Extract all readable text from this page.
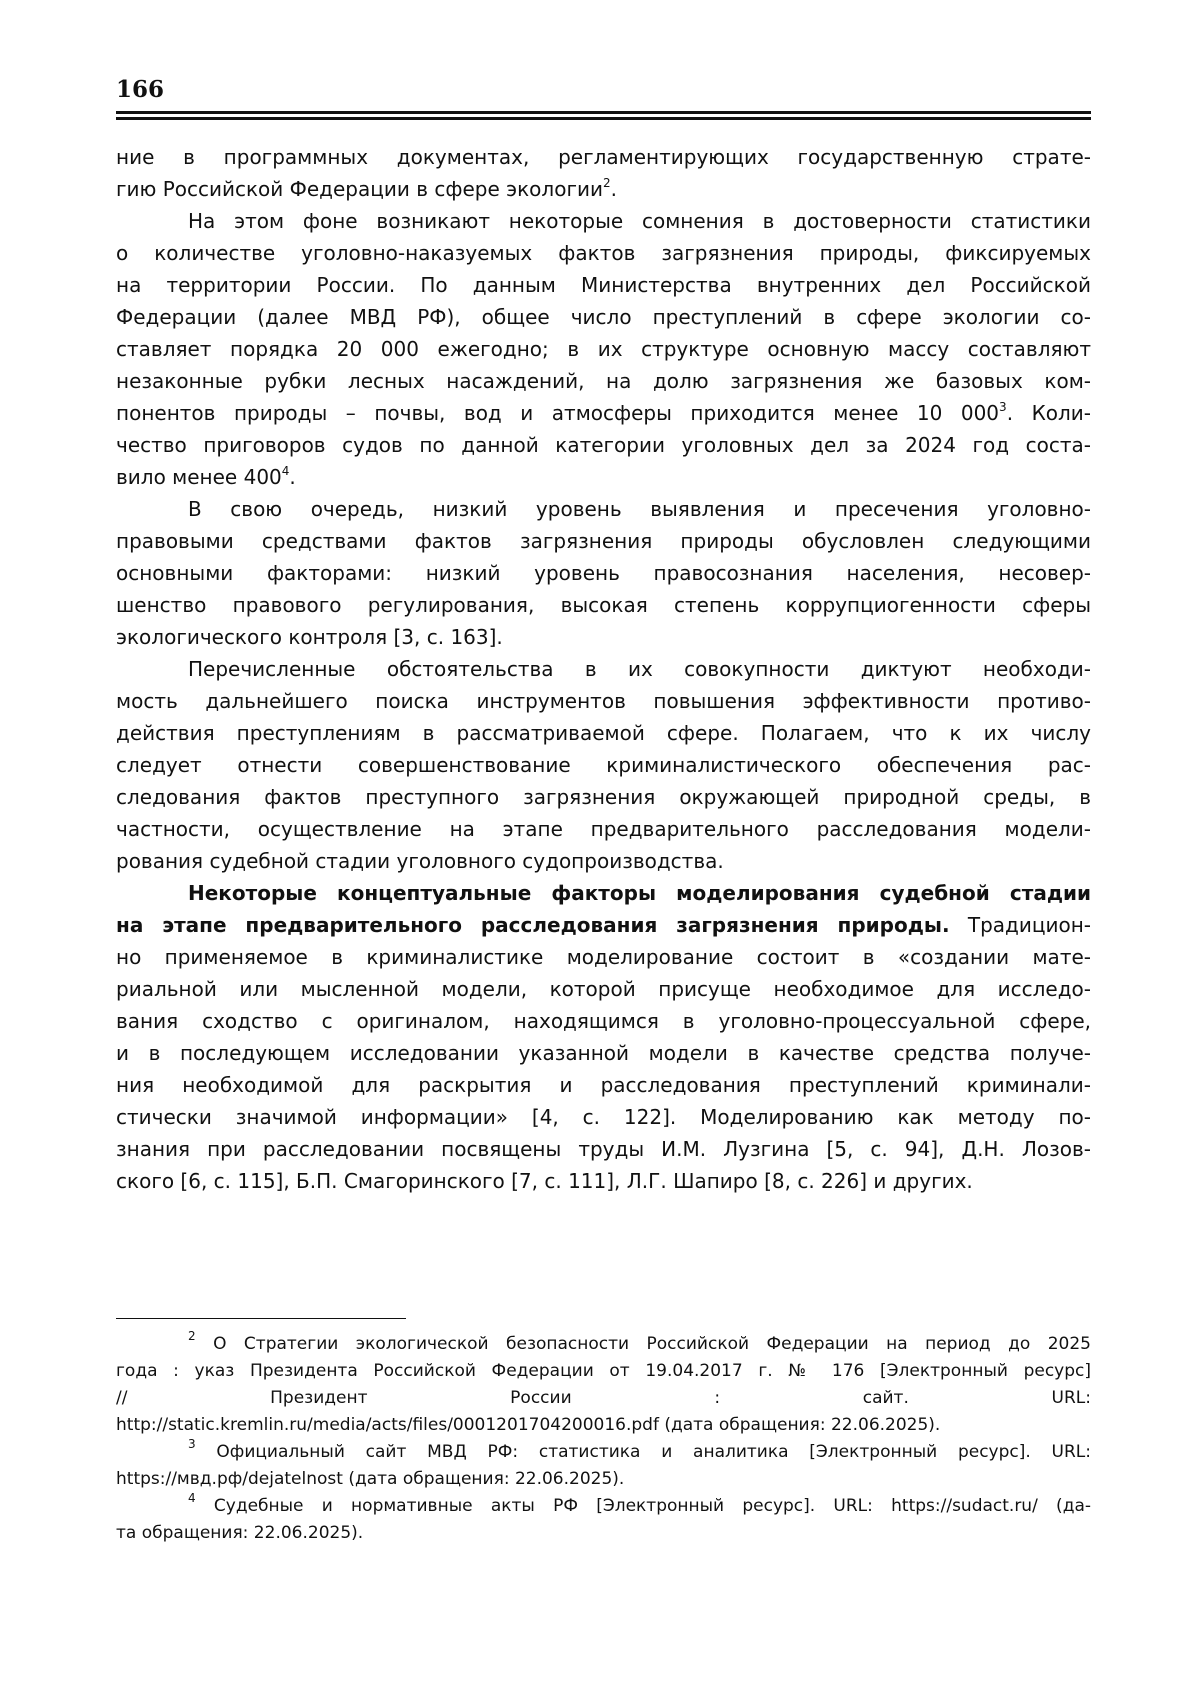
166
ние в программных документах, регламентирующих государственную страте-
гию Российской Федерации в сфере экологии$^2$.
На этом фоне возникают некоторые сомнения в достоверности статистики
о количестве уголовно-наказуемых фактов загрязнения природы, фиксируемых
на территории России. По данным Министерства внутренних дел Российской
Федерации (далее МВД РФ), общее число преступлений в сфере экологии со-
ставляет порядка 20 000 ежегодно; в их структуре основную массу составляют
незаконные рубки лесных насаждений, на долю загрязнения же базовых ком-
понентов природы – почвы, вод и атмосферы приходится менее 10 $000^3$. Коли-
чество приговоров судов по данной категории уголовных дел за 2024 год соста-
вило менее $400^4$.
В свою очередь, низкий уровень выявления и пресечения уголовно-
правовыми средствами фактов загрязнения природы обусловлен следующими
основными факторами: низкий уровень правосознания населения, несовер-
шенство правового регулирования, высокая степень коррупциогенности сферы
экологического контроля [3, с. 163].
Перечисленные обстоятельства в их совокупности диктуют необходи-
мость дальнейшего поиска инструментов повышения эффективности противо-
действия преступлениям в рассматриваемой сфере. Полагаем, что к их числу
следует отнести совершенствование криминалистического обеспечения рас-
следования фактов преступного загрязнения окружающей природной среды, в
частности, осуществление на этапе предварительного расследования модели-
рования судебной стадии уголовного судопроизводства.
Некоторые концептуальные факторы моделирования судебной стадии
на этапе предварительного расследования загрязнения природы. Традицион-
но применяемое в криминалистике моделирование состоит в «создании мате-
риальной или мысленной модели, которой присуще необходимое для исследо-
вания сходство с оригиналом, находящимся в уголовно-процессуальной сфере,
и в последующем исследовании указанной модели в качестве средства получе-
ния необходимой для раскрытия и расследования преступлений криминали-
стически значимой информации» [4, с. 122]. Моделированию как методу по-
знания при расследовании посвящены труды И.М. Лузгина [5, с. 94], Д.Н. Лозов-
ского [6, с. 115], Б.П. Смагоринского [7, с. 111], Л.Г. Шапиро [8, с. 226] и других.
$^2$ О Стратегии экологической безопасности Российской Федерации на период до 2025
года : указ Президента Российской Федерации от 19.04.2017 г. № 176 [Электронный ресурс]
// Президент России : сайт. URL:
http://static.kremlin.ru/media/acts/files/0001201704200016.pdf (дата обращения: 22.06.2025).
$^3$ Официальный сайт МВД РФ: статистика и аналитика [Электронный ресурс]. URL:
https://мвд.рф/dejatelnost (дата обращения: 22.06.2025).
$^4$ Судебные и нормативные акты РФ [Электронный ресурс]. URL: https://sudact.ru/ (да-
та обращения: 22.06.2025).
